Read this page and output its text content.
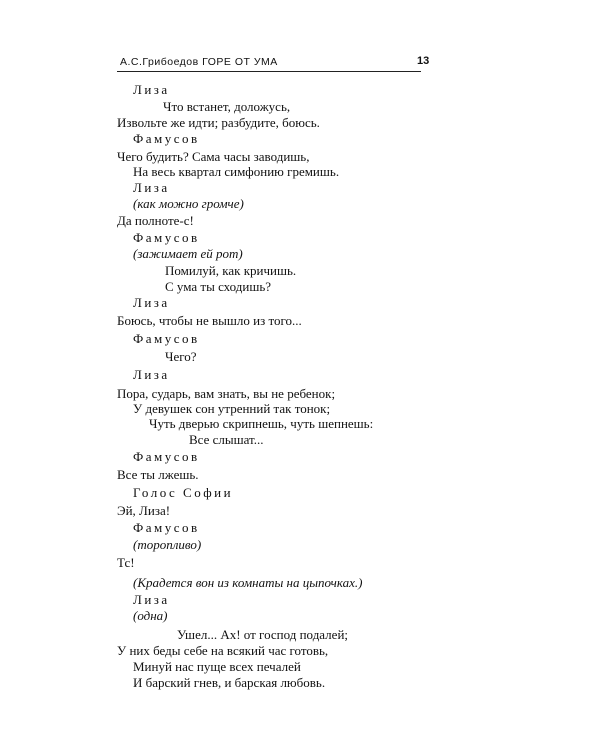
А.С.Грибоедов ГОРЕ ОТ УМА	13
Лиза
Что встанет, доложусь,
Извольте же идти; разбудите, боюсь.
Фамусов
Чего будить? Сама часы заводишь,
На весь квартал симфонию гремишь.
Лиза
(как можно громче)
Да полноте-с!
Фамусов
(зажимает ей рот)
Помилуй, как кричишь.
С ума ты сходишь?
Лиза
Боюсь, чтобы не вышло из того...
Фамусов
Чего?
Лиза
Пора, сударь, вам знать, вы не ребенок;
У девушек сон утренний так тонок;
Чуть дверью скрипнешь, чуть шепнешь:
Все слышат...
Фамусов
Все ты лжешь.
Голос Софии
Эй, Лиза!
Фамусов
(торопливо)
Тс!
(Крадется вон из комнаты на цыпочках.)
Лиза
(одна)
Ушел... Ах! от господ подалей;
У них беды себе на всякий час готовь,
Минуй нас пуще всех печалей
И барский гнев, и барская любовь.
